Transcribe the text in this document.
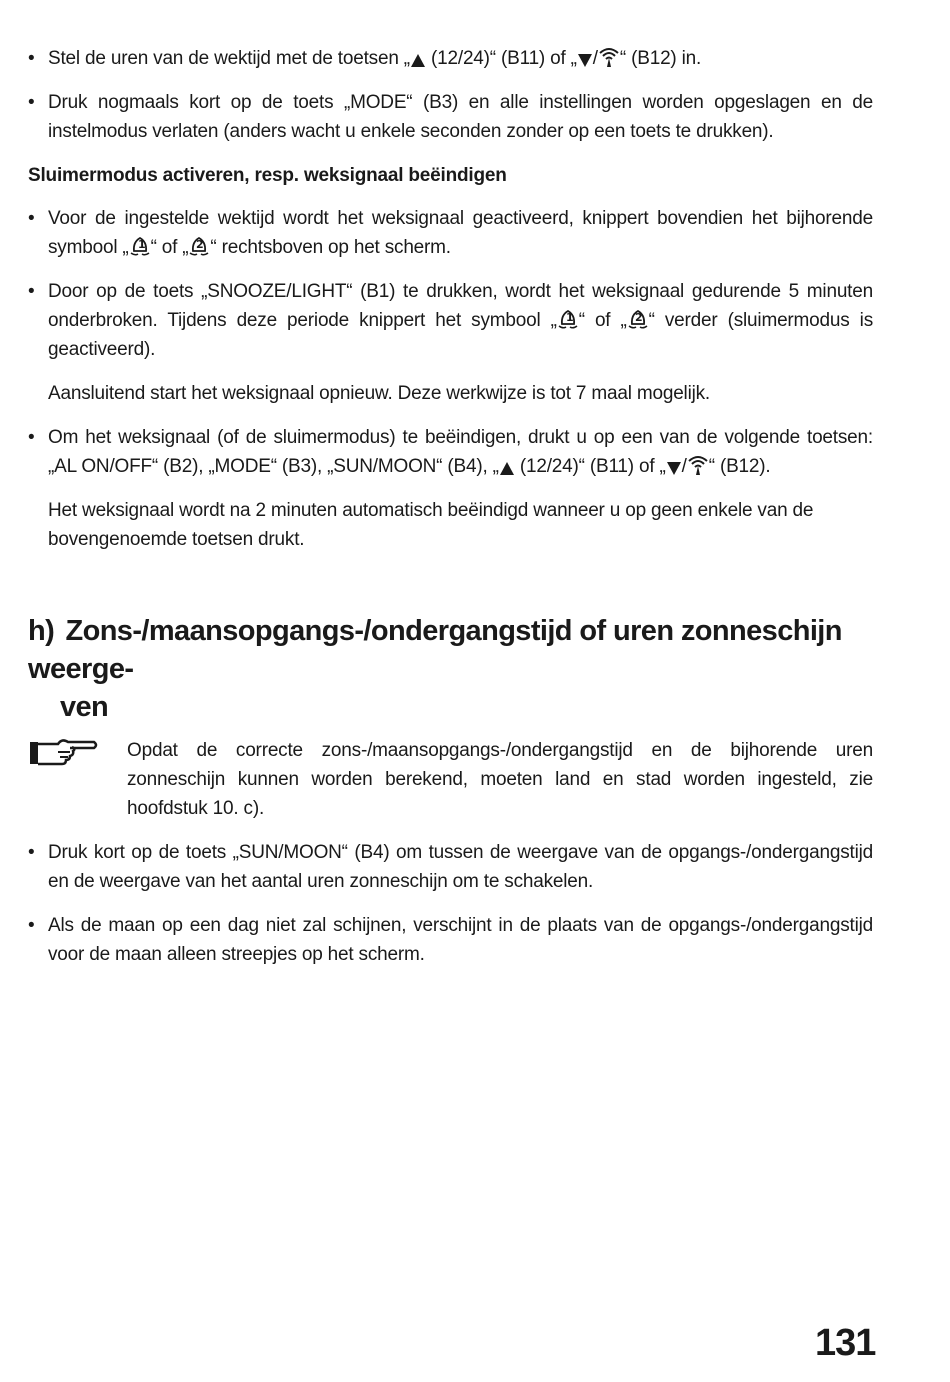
• Stel de uren van de wektijd met de toetsen „ (12/24)“ (B11) of „ / “ (B12) in.
• Druk nogmaals kort op de toets „MODE“ (B3) en alle instellingen worden opgeslagen en de instelmodus verlaten (anders wacht u enkele seconden zonder op een toets te drukken).
Sluimermodus activeren, resp. weksignaal beëindigen
• Voor de ingestelde wektijd wordt het weksignaal geactiveerd, knippert bovendien het bijhorende symbool „ 1 “ of „ 2 “ rechtsboven op het scherm.
• Door op de toets „SNOOZE/LIGHT“ (B1) te drukken, wordt het weksignaal gedurende 5 minuten onderbroken. Tijdens deze periode knippert het symbool „ 1 “ of „ 2 “ verder (sluimermodus is geactiveerd).
Aansluitend start het weksignaal opnieuw. Deze werkwijze is tot 7 maal mogelijk.
• Om het weksignaal (of de sluimermodus) te beëindigen, drukt u op een van de volgende toetsen: „AL ON/OFF“ (B2), „MODE“ (B3), „SUN/MOON“ (B4), „ (12/24)“ (B11) of „ / “ (B12).
Het weksignaal wordt na 2 minuten automatisch beëindigd wanneer u op geen enkele van de bovengenoemde toetsen drukt.
h) Zons-/maansopgangs-/ondergangstijd of uren zonneschijn weerge-
ven
Opdat de correcte zons-/maansopgangs-/ondergangstijd en de bijhorende uren zonneschijn kunnen worden berekend, moeten land en stad worden ingesteld, zie hoofdstuk 10. c).
• Druk kort op de toets „SUN/MOON“ (B4) om tussen de weergave van de opgangs-/ondergangstijd en de weergave van het aantal uren zonneschijn om te schakelen.
• Als de maan op een dag niet zal schijnen, verschijnt in de plaats van de opgangs-/ondergangstijd voor de maan alleen streepjes op het scherm.
131
